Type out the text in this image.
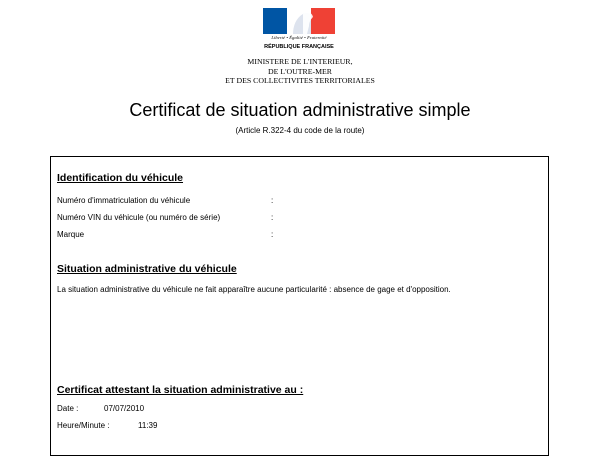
Liberté • Égalité • Fraternité
RÉPUBLIQUE FRANÇAISE
MINISTERE DE L'INTERIEUR,
DE L'OUTRE-MER
ET DES COLLECTIVITES TERRITORIALES
Certificat de situation administrative simple
(Article R.322-4 du code de la route)
Identification du véhicule
Numéro d'immatriculation du véhicule	:
Numéro VIN du véhicule (ou numéro de série)	:
Marque	:
Situation administrative du véhicule
La situation administrative du véhicule ne fait apparaître aucune particularité : absence de gage et d'opposition.
Certificat attestant la situation administrative au :
Date :	07/07/2010
Heure/Minute :	11:39
